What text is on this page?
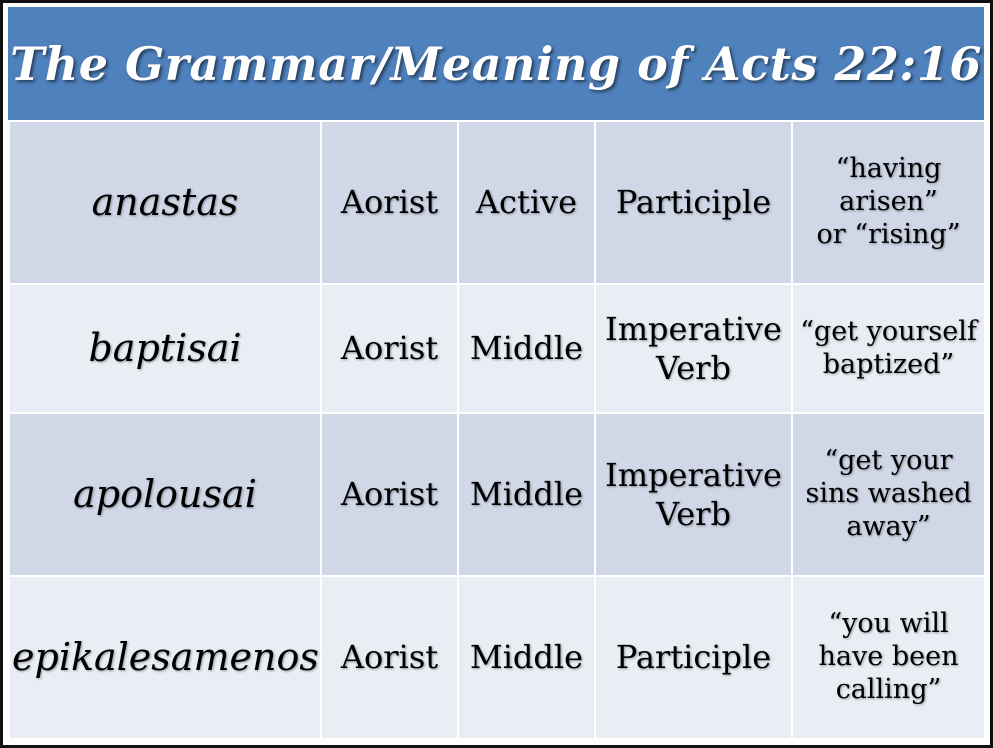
The Grammar/Meaning of Acts 22:16
anastas	Aorist	Active	Participle	“having
arisen”
or “rising”

baptisai	Aorist	Middle	Imperative
Verb	“get yourself
baptized”

apolousai	Aorist	Middle	Imperative
Verb	“get your
sins washed
away”

epikalesamenos	Aorist	Middle	Participle	“you will
have been
calling”
